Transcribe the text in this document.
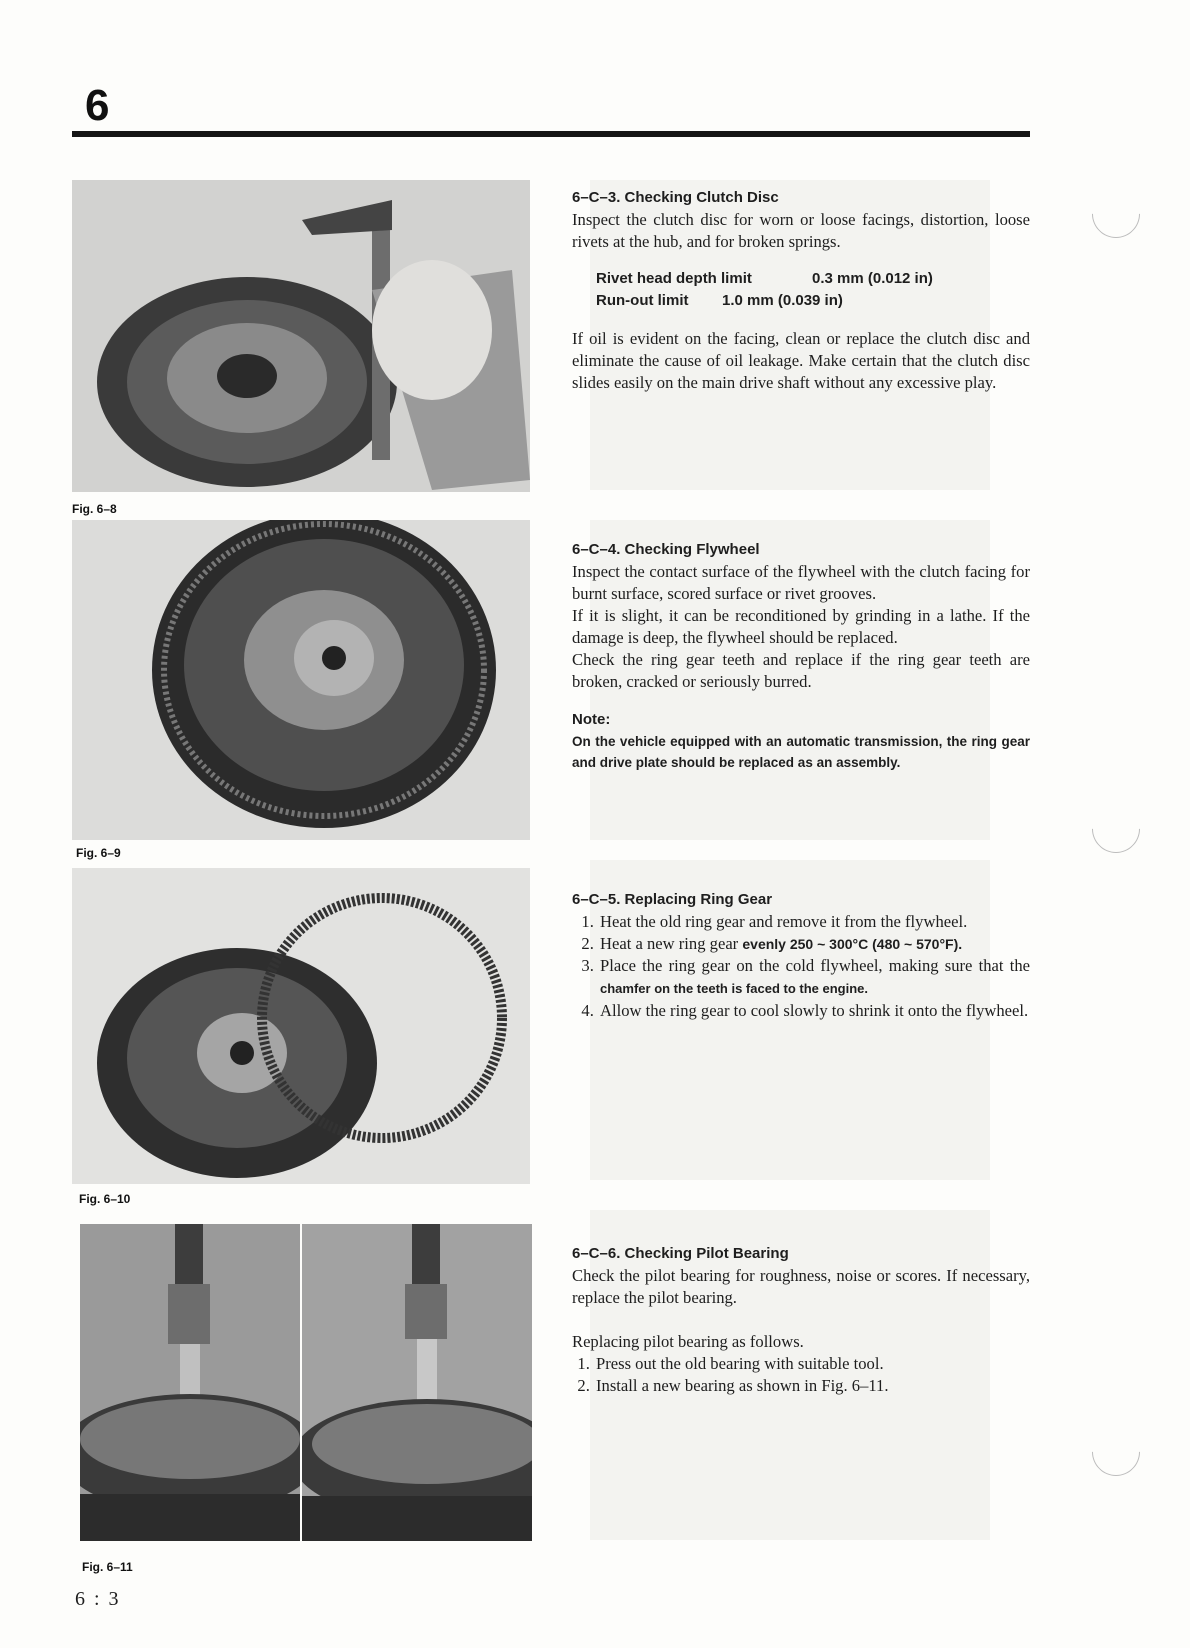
6
Fig. 6–8
Fig. 6–9
Fig. 6–10
Fig. 6–11
6–C–3. Checking Clutch Disc

Inspect the clutch disc for worn or loose facings, distortion, loose rivets at the hub, and for broken springs.

Rivet head depth limit	0.3 mm (0.012 in)
Run-out limit 1.0 mm (0.039 in)

If oil is evident on the facing, clean or replace the clutch disc and eliminate the cause of oil leakage. Make certain that the clutch disc slides easily on the main drive shaft without any excessive play.

6–C–4. Checking Flywheel

Inspect the contact surface of the flywheel with the clutch facing for burnt surface, scored surface or rivet grooves.

If it is slight, it can be reconditioned by grinding in a lathe. If the damage is deep, the flywheel should be replaced.

Check the ring gear teeth and replace if the ring gear teeth are broken, cracked or seriously burred.

Note:
On the vehicle equipped with an automatic transmission, the ring gear and drive plate should be replaced as an assembly.
6–C–5. Replacing Ring Gear
1. Heat the old ring gear and remove it from the flywheel.
2. Heat a new ring gear evenly 250 ~ 300°C (480 ~ 570°F).
3. Place the ring gear on the cold flywheel, making sure that the chamfer on the teeth is faced to the engine.
4. Allow the ring gear to cool slowly to shrink it onto the flywheel.
6–C–6. Checking Pilot Bearing

Check the pilot bearing for roughness, noise or scores. If necessary, replace the pilot bearing.

Replacing pilot bearing as follows.

1. Press out the old bearing with suitable tool.
2. Install a new bearing as shown in Fig. 6–11.
6 : 3
